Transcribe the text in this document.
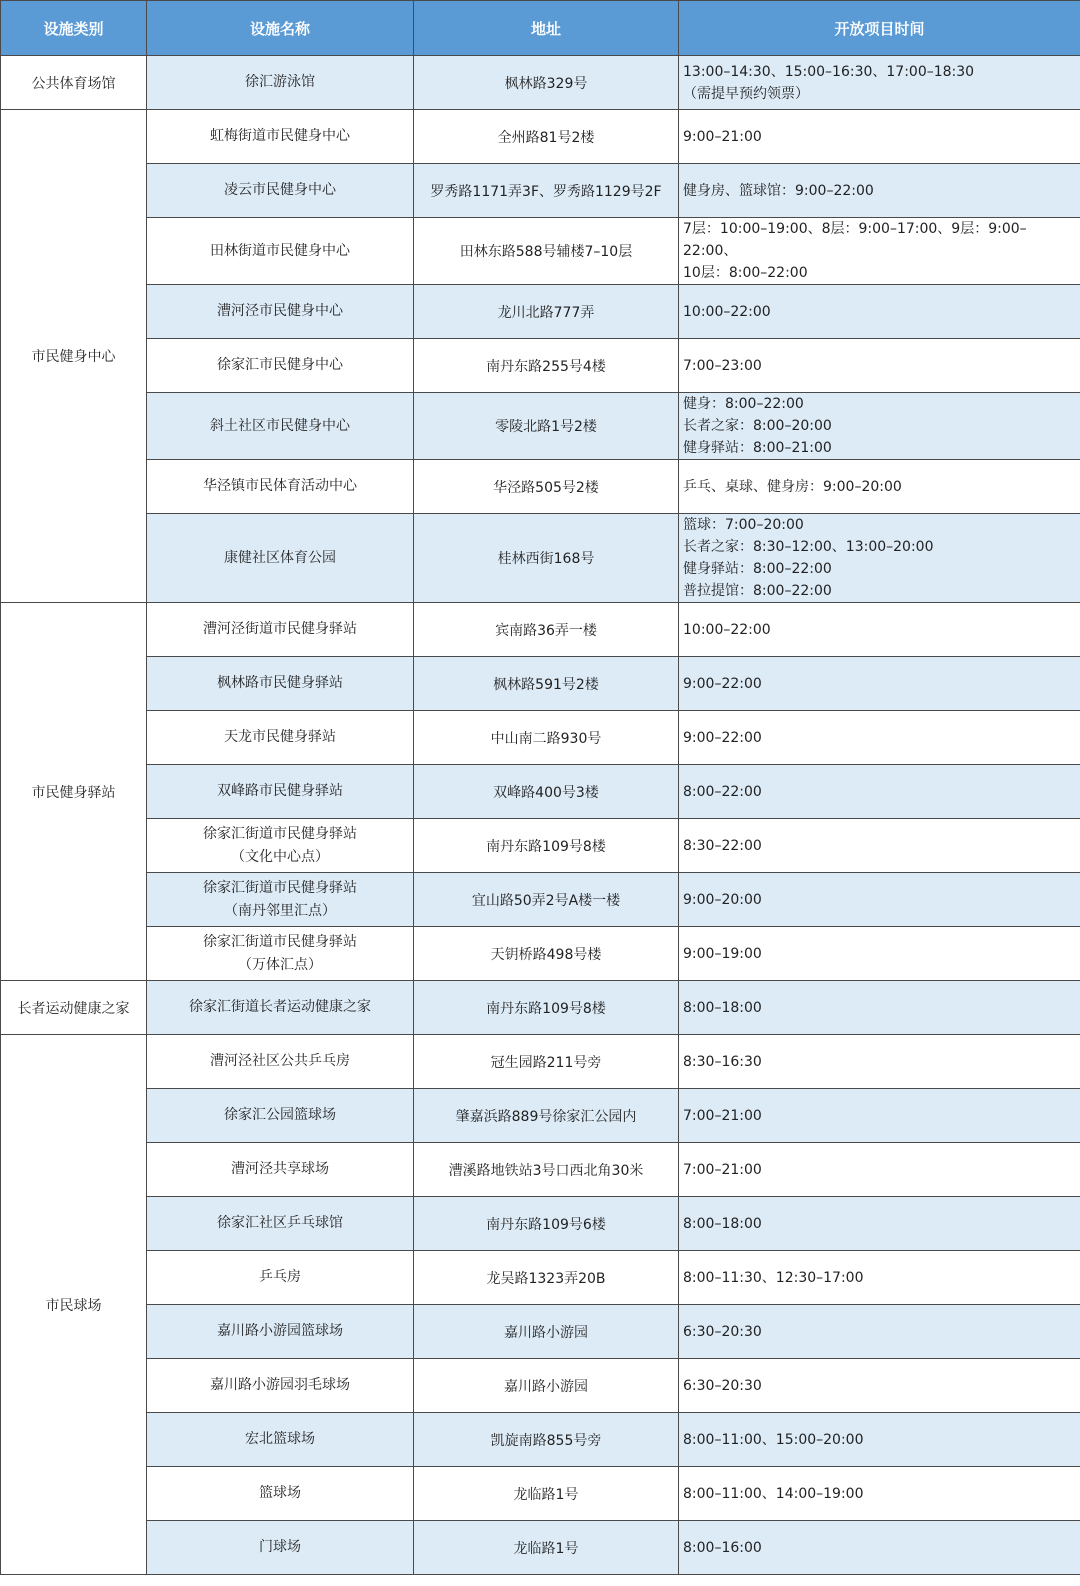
设施类别	设施名称	地址	开放项目时间
公共体育场馆	徐汇游泳馆	枫林路329号	13:00–14:30、15:00–16:30、17:00–18:30
（需提早预约领票）
市民健身中心	虹梅街道市民健身中心	全州路81号2楼	9:00–21:00
	凌云市民健身中心	罗秀路1171弄3F、罗秀路1129号2F	健身房、篮球馆：9:00–22:00
	田林街道市民健身中心	田林东路588号辅楼7–10层	7层：10:00–19:00、8层：9:00–17:00、9层：9:00–22:00、
10层：8:00–22:00
	漕河泾市民健身中心	龙川北路777弄	10:00–22:00
	徐家汇市民健身中心	南丹东路255号4楼	7:00–23:00
	斜土社区市民健身中心	零陵北路1号2楼	健身：8:00–22:00
长者之家：8:00–20:00
健身驿站：8:00–21:00
	华泾镇市民体育活动中心	华泾路505号2楼	乒乓、桌球、健身房：9:00–20:00
	康健社区体育公园	桂林西街168号	篮球：7:00–20:00
长者之家：8:30–12:00、13:00–20:00
健身驿站：8:00–22:00
普拉提馆：8:00–22:00
市民健身驿站	漕河泾街道市民健身驿站	宾南路36弄一楼	10:00–22:00
	枫林路市民健身驿站	枫林路591号2楼	9:00–22:00
	天龙市民健身驿站	中山南二路930号	9:00–22:00
	双峰路市民健身驿站	双峰路400号3楼	8:00–22:00
	徐家汇街道市民健身驿站
（文化中心点）	南丹东路109号8楼	8:30–22:00
	徐家汇街道市民健身驿站
（南丹邻里汇点）	宜山路50弄2号A楼一楼	9:00–20:00
	徐家汇街道市民健身驿站
（万体汇点）	天钥桥路498号楼	9:00–19:00
长者运动健康之家	徐家汇街道长者运动健康之家	南丹东路109号8楼	8:00–18:00
市民球场	漕河泾社区公共乒乓房	冠生园路211号旁	8:30–16:30
	徐家汇公园篮球场	肇嘉浜路889号徐家汇公园内	7:00–21:00
	漕河泾共享球场	漕溪路地铁站3号口西北角30米	7:00–21:00
	徐家汇社区乒乓球馆	南丹东路109号6楼	8:00–18:00
	乒乓房	龙吴路1323弄20B	8:00–11:30、12:30–17:00
	嘉川路小游园篮球场	嘉川路小游园	6:30–20:30
	嘉川路小游园羽毛球场	嘉川路小游园	6:30–20:30
	宏北篮球场	凯旋南路855号旁	8:00–11:00、15:00–20:00
	篮球场	龙临路1号	8:00–11:00、14:00–19:00
	门球场	龙临路1号	8:00–16:00
